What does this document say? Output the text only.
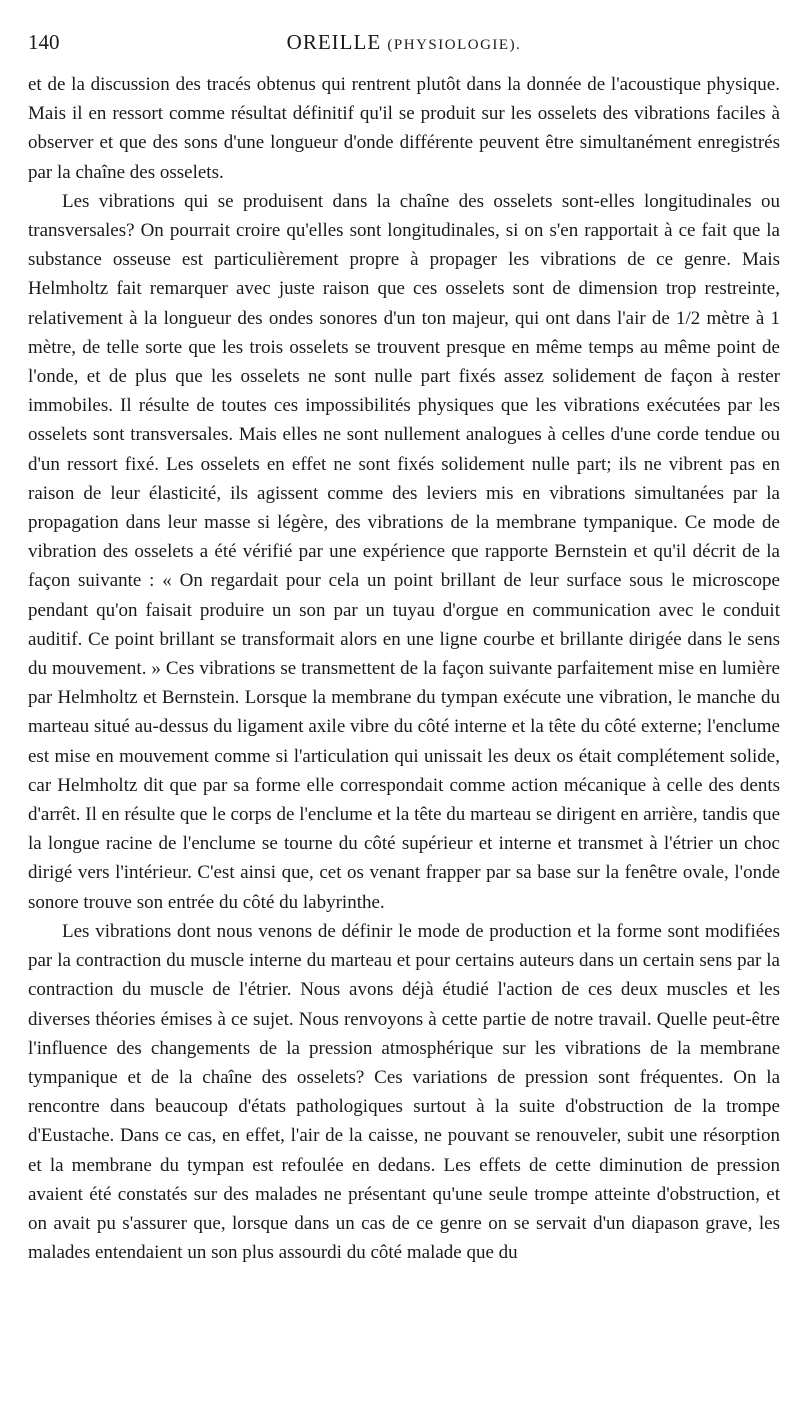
140	OREILLE (PHYSIOLOGIE).

et de la discussion des tracés obtenus qui rentrent plutôt dans la donnée de l'acoustique physique. Mais il en ressort comme résultat définitif qu'il se produit sur les osselets des vibrations faciles à observer et que des sons d'une longueur d'onde différente peuvent être simultanément enregistrés par la chaîne des osselets.

Les vibrations qui se produisent dans la chaîne des osselets sont-elles longitudinales ou transversales? On pourrait croire qu'elles sont longitudinales, si on s'en rapportait à ce fait que la substance osseuse est particulièrement propre à propager les vibrations de ce genre. Mais Helmholtz fait remarquer avec juste raison que ces osselets sont de dimension trop restreinte, relativement à la longueur des ondes sonores d'un ton majeur, qui ont dans l'air de 1/2 mètre à 1 mètre, de telle sorte que les trois osselets se trouvent presque en même temps au même point de l'onde, et de plus que les osselets ne sont nulle part fixés assez solidement de façon à rester immobiles. Il résulte de toutes ces impossibilités physiques que les vibrations exécutées par les osselets sont transversales. Mais elles ne sont nullement analogues à celles d'une corde tendue ou d'un ressort fixé. Les osselets en effet ne sont fixés solidement nulle part; ils ne vibrent pas en raison de leur élasticité, ils agissent comme des leviers mis en vibrations simultanées par la propagation dans leur masse si légère, des vibrations de la membrane tympanique. Ce mode de vibration des osselets a été vérifié par une expérience que rapporte Bernstein et qu'il décrit de la façon suivante : « On regardait pour cela un point brillant de leur surface sous le microscope pendant qu'on faisait produire un son par un tuyau d'orgue en communication avec le conduit auditif. Ce point brillant se transformait alors en une ligne courbe et brillante dirigée dans le sens du mouvement. » Ces vibrations se transmettent de la façon suivante parfaitement mise en lumière par Helmholtz et Bernstein. Lorsque la membrane du tympan exécute une vibration, le manche du marteau situé au-dessus du ligament axile vibre du côté interne et la tête du côté externe; l'enclume est mise en mouvement comme si l'articulation qui unissait les deux os était complétement solide, car Helmholtz dit que par sa forme elle correspondait comme action mécanique à celle des dents d'arrêt. Il en résulte que le corps de l'enclume et la tête du marteau se dirigent en arrière, tandis que la longue racine de l'enclume se tourne du côté supérieur et interne et transmet à l'étrier un choc dirigé vers l'intérieur. C'est ainsi que, cet os venant frapper par sa base sur la fenêtre ovale, l'onde sonore trouve son entrée du côté du labyrinthe.

Les vibrations dont nous venons de définir le mode de production et la forme sont modifiées par la contraction du muscle interne du marteau et pour certains auteurs dans un certain sens par la contraction du muscle de l'étrier. Nous avons déjà étudié l'action de ces deux muscles et les diverses théories émises à ce sujet. Nous renvoyons à cette partie de notre travail. Quelle peut-être l'influence des changements de la pression atmosphérique sur les vibrations de la membrane tympanique et de la chaîne des osselets? Ces variations de pression sont fréquentes. On la rencontre dans beaucoup d'états pathologiques surtout à la suite d'obstruction de la trompe d'Eustache. Dans ce cas, en effet, l'air de la caisse, ne pouvant se renouveler, subit une résorption et la membrane du tympan est refoulée en dedans. Les effets de cette diminution de pression avaient été constatés sur des malades ne présentant qu'une seule trompe atteinte d'obstruction, et on avait pu s'assurer que, lorsque dans un cas de ce genre on se servait d'un diapason grave, les malades entendaient un son plus assourdi du côté malade que du
